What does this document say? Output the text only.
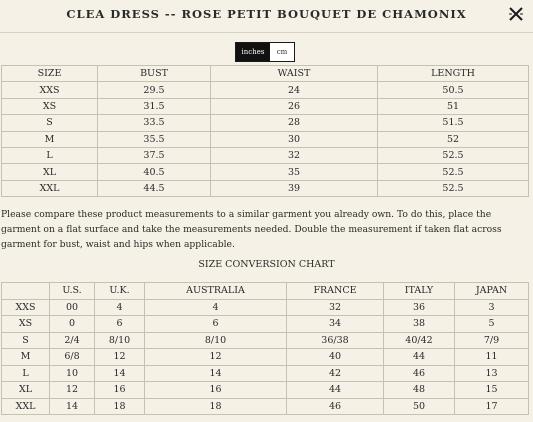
CLEA DRESS -- ROSE PETIT BOUQUET DE CHAMONIX
inches	cm
SIZE	BUST	WAIST	LENGTH
XXS	29.5	24	50.5
XS	31.5	26	51
S	33.5	28	51.5
M	35.5	30	52
L	37.5	32	52.5
XL	40.5	35	52.5
XXL	44.5	39	52.5
Please compare these product measurements to a similar garment you already own. To do this, place the garment on a flat surface and take the measurements needed. Double the measurement if taken flat across garment for bust, waist and hips when applicable.
SIZE CONVERSION CHART
	U.S.	U.K.	AUSTRALIA	FRANCE	ITALY	JAPAN
XXS	00	4	4	32	36	3
XS	0	6	6	34	38	5
S	2/4	8/10	8/10	36/38	40/42	7/9
M	6/8	12	12	40	44	11
L	10	14	14	42	46	13
XL	12	16	16	44	48	15
XXL	14	18	18	46	50	17
